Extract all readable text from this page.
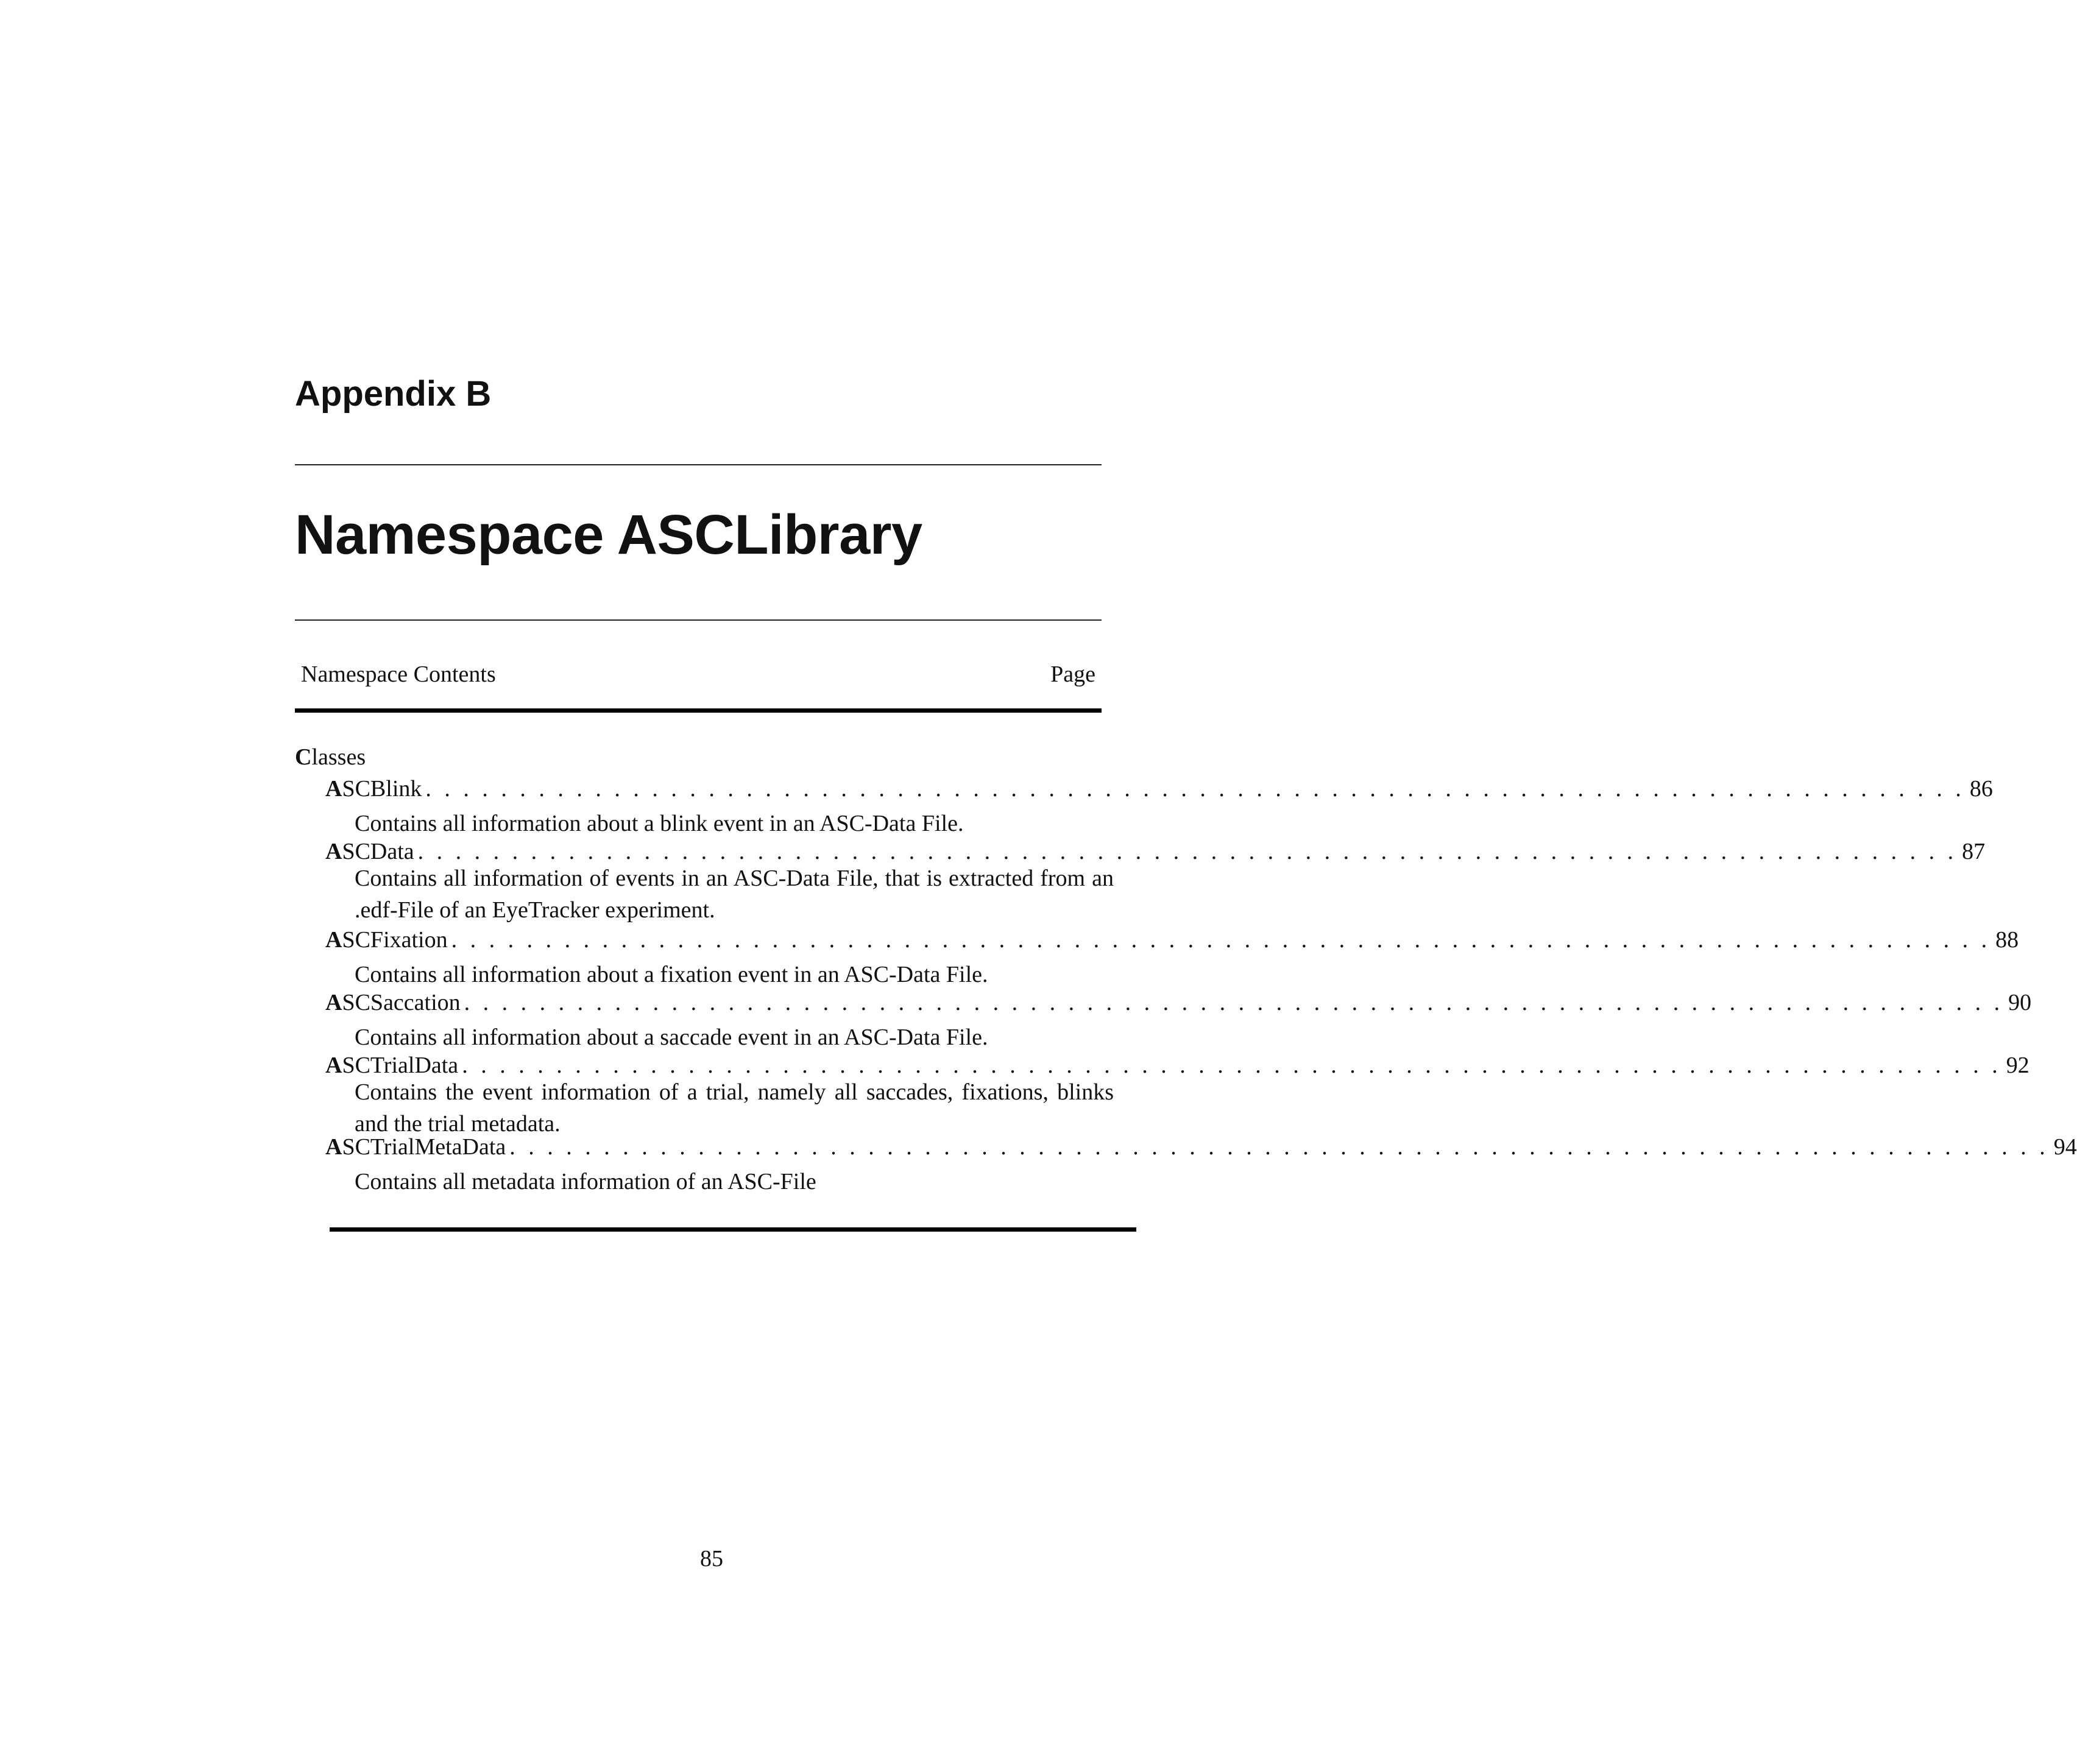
Appendix B
Namespace ASCLibrary
Namespace Contents	Page
Classes
ASCBlink . . . . . . . . . . . . . . . . . . . . . . . . . . . . . . . . . . . . . . . . . . . . . . . . . . . . . . . . . . . . . . . . . . . . . . . . . . . . . . . . . . 86
Contains all information about a blink event in an ASC-Data File.
ASCData . . . . . . . . . . . . . . . . . . . . . . . . . . . . . . . . . . . . . . . . . . . . . . . . . . . . . . . . . . . . . . . . . . . . . . . . . . . . . . . . . . 87
Contains all information of events in an ASC-Data File, that is extracted from an .edf-File of an EyeTracker experiment.
ASCFixation . . . . . . . . . . . . . . . . . . . . . . . . . . . . . . . . . . . . . . . . . . . . . . . . . . . . . . . . . . . . . . . . . . . . . . . . . . . . . . . . . . 88
Contains all information about a fixation event in an ASC-Data File.
ASCSaccation . . . . . . . . . . . . . . . . . . . . . . . . . . . . . . . . . . . . . . . . . . . . . . . . . . . . . . . . . . . . . . . . . . . . . . . . . . . . . . . . . . 90
Contains all information about a saccade event in an ASC-Data File.
ASCTrialData . . . . . . . . . . . . . . . . . . . . . . . . . . . . . . . . . . . . . . . . . . . . . . . . . . . . . . . . . . . . . . . . . . . . . . . . . . . . . . . . . . 92
Contains the event information of a trial, namely all saccades, fixations, blinks and the trial metadata.
ASCTrialMetaData . . . . . . . . . . . . . . . . . . . . . . . . . . . . . . . . . . . . . . . . . . . . . . . . . . . . . . . . . . . . . . . . . . . . . . . . . . . . . . . . . . 94
Contains all metadata information of an ASC-File
85
